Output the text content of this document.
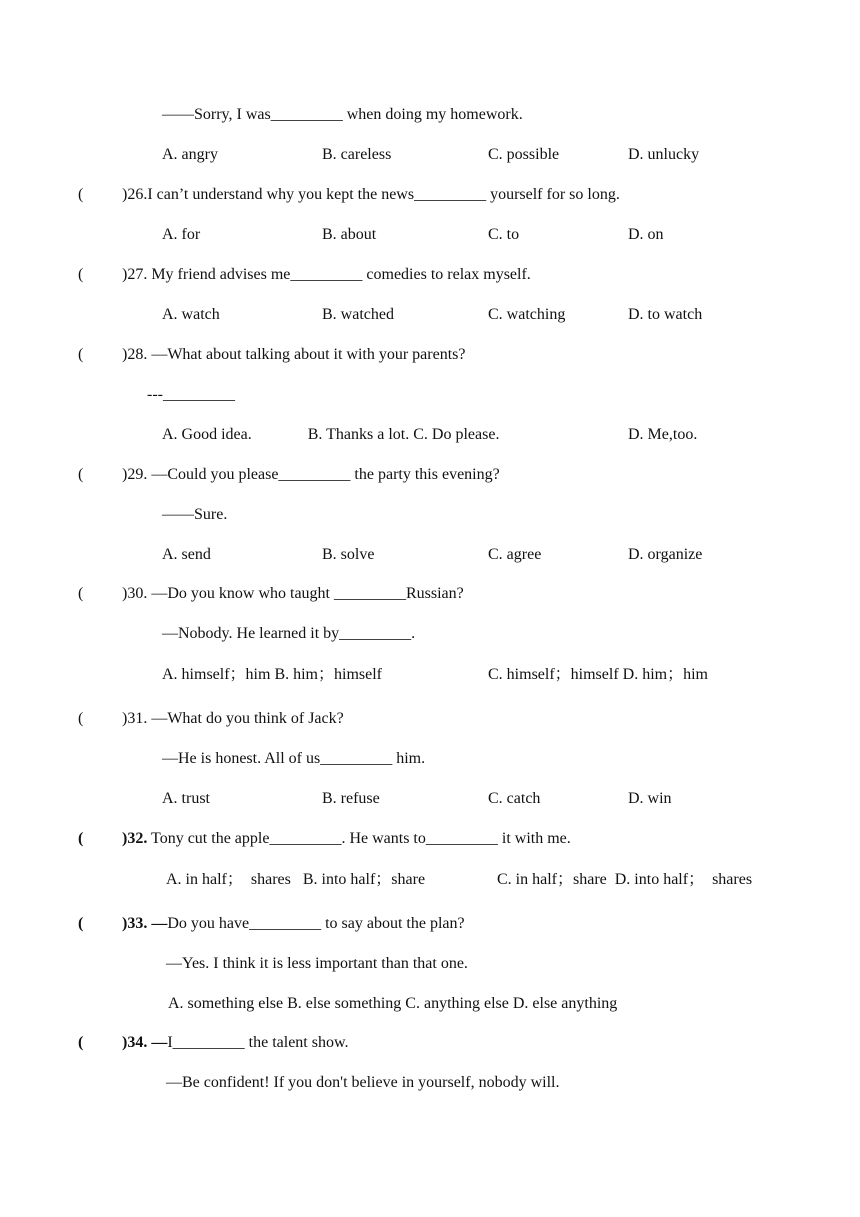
——Sorry, I was_________ when doing my homework.
A. angry	B. careless	C. possible	D. unlucky
( )26.I can’t understand why you kept the news_________ yourself for so long.
A. for	B. about	C. to	D. on
( )27. My friend advises me_________ comedies to relax myself.
A. watch	B. watched	C. watching	D. to watch
( )28. —What about talking about it with your parents?
---_________
A. Good idea.              B. Thanks a lot. C. Do please.	D. Me,too.
( )29. —Could you please_________ the party this evening?
——Sure.
A. send	B. solve	C. agree	D. organize
( )30. —Do you know who taught _________Russian?
—Nobody. He learned it by_________.
A. himself；him B. him；himself	C. himself；himself D. him；him
( )31. —What do you think of Jack?
—He is honest. All of us_________ him.
A. trust	B. refuse	C. catch	D. win
( )32. Tony cut the apple_________. He wants to_________ it with me.
A. in half；  shares   B. into half；share	C. in half；share  D. into half；  shares
( )33. —Do you have_________ to say about the plan?
—Yes. I think it is less important than that one.
A. something else B. else something C. anything else D. else anything
( )34. —I_________ the talent show.
—Be confident! If you don't believe in yourself, nobody will.
